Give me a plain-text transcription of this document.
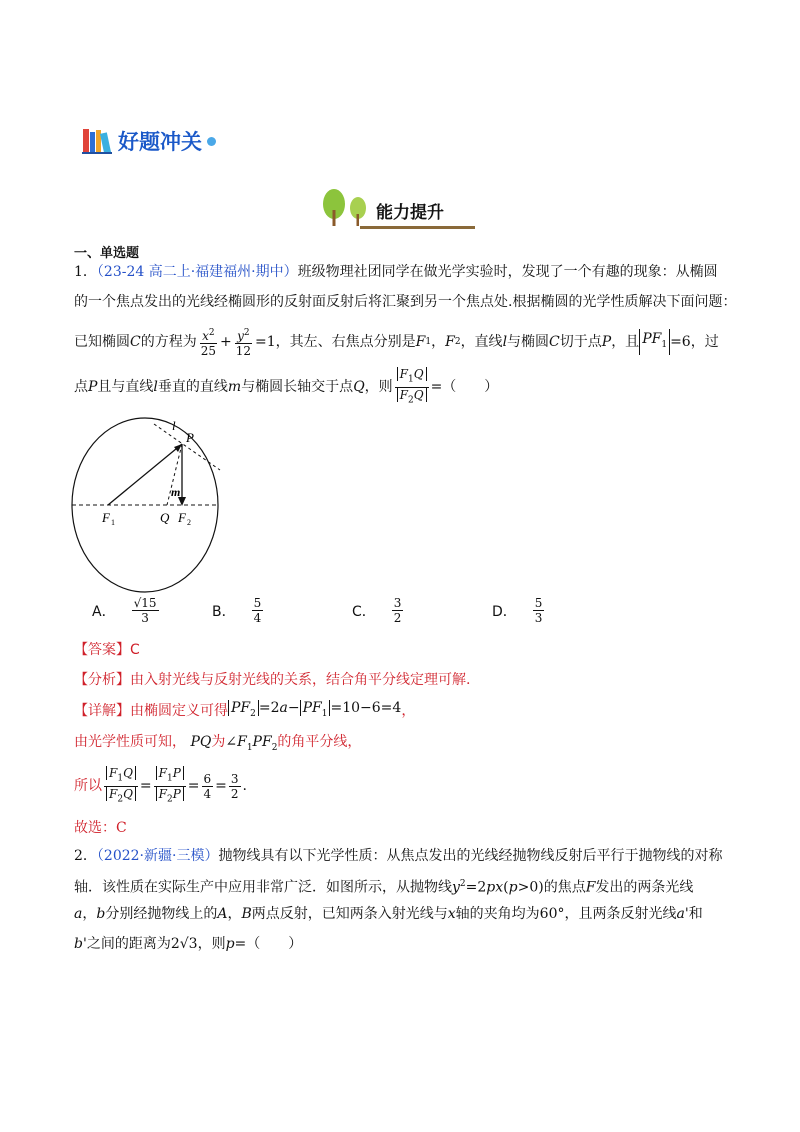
好题冲关
能力提升
一、单选题
1．（23-24 高二上·福建福州·期中）班级物理社团同学在做光学实验时，发现了一个有趣的现象：从椭圆
的一个焦点发出的光线经椭圆形的反射面反射后将汇聚到另一个焦点处.根据椭圆的光学性质解决下面问题：
已知椭圆 C 的方程为 $\frac{x^2}{25} + \frac{y^2}{12} =1$ ，其左、右焦点分别是 F 1 ， F 2 ，直线 l 与椭圆 C 切于点 P ，且 $PF_1 =6$ ，过
点 P 且与直线 l 垂直的直线 m 与椭圆长轴交于点 Q ，则 $\frac{F_1Q}{F_2Q}$ =（　　）
l
P
m
F 1	Q F 2
A． $\frac{√15}{3}$	B． $\frac{5}{4}$	C． $\frac{3}{2}$	D． $\frac{5}{3}$
【答案】C
【分析】由入射光线与反射光线的关系，结合角平分线定理可解.
【详解】 由椭圆定义可得 $PF_2 =2a- PF_1 =10-6=4$ ，
由光学性质可知， PQ为$\angle F_1PF_2$的角平分线，
所以 $\frac{F_1Q}{F_2Q} = \frac{F_1P}{F_2P} = \frac{6}{4} = \frac{3}{2}$ .
故选：C
2．（2022·新疆·三模）抛物线具有以下光学性质：从焦点发出的光线经抛物线反射后平行于抛物线的对称
轴．该性质在实际生产中应用非常广泛．如图所示，从抛物线$y^2=2px(p>0)$的焦点F发出的两条光线
a，b分别经抛物线上的A，B两点反射，已知两条入射光线与x轴的夹角均为60°，且两条反射光线a'和
b'之间的距离为2√3，则p=（　　）
